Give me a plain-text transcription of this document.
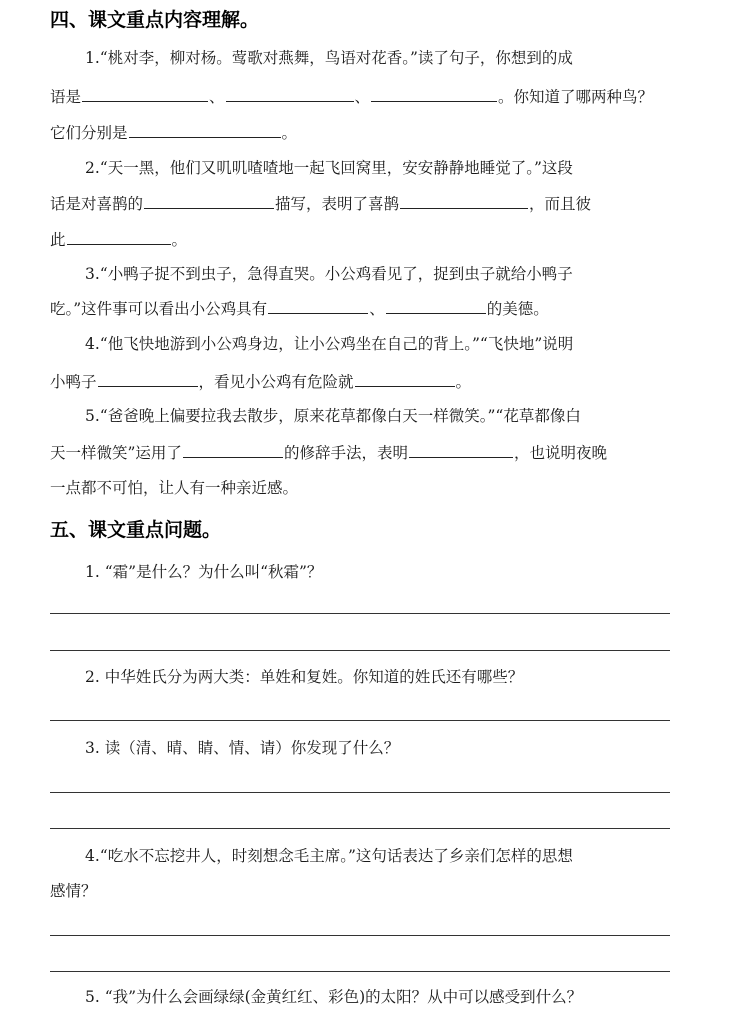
四、课文重点内容理解。
1.“桃对李，柳对杨。莺歌对燕舞，鸟语对花香。”读了句子，你想到的成
语是	、	、	。你知道了哪两种鸟？
它们分别是	。
2.“天一黑，他们又叽叽喳喳地一起飞回窝里，安安静静地睡觉了。”这段
话是对喜鹊的	描写，表明了喜鹊	，而且彼
此	。
3.“小鸭子捉不到虫子，急得直哭。小公鸡看见了，捉到虫子就给小鸭子
吃。”这件事可以看出小公鸡具有	、	的美德。
4.“他飞快地游到小公鸡身边，让小公鸡坐在自己的背上。”“飞快地”说明
小鸭子	，看见小公鸡有危险就	。
5.“爸爸晚上偏要拉我去散步，原来花草都像白天一样微笑。”“花草都像白
天一样微笑”运用了	的修辞手法，表明	，也说明夜晚
一点都不可怕，让人有一种亲近感。
五、课文重点问题。
1. “霜”是什么？为什么叫“秋霜”？
2. 中华姓氏分为两大类：单姓和复姓。你知道的姓氏还有哪些？
3. 读（清、晴、睛、情、请）你发现了什么？
4.“吃水不忘挖井人，时刻想念毛主席。”这句话表达了乡亲们怎样的思想
感情？
5. “我”为什么会画绿绿(金黄红红、彩色)的太阳？从中可以感受到什么？
